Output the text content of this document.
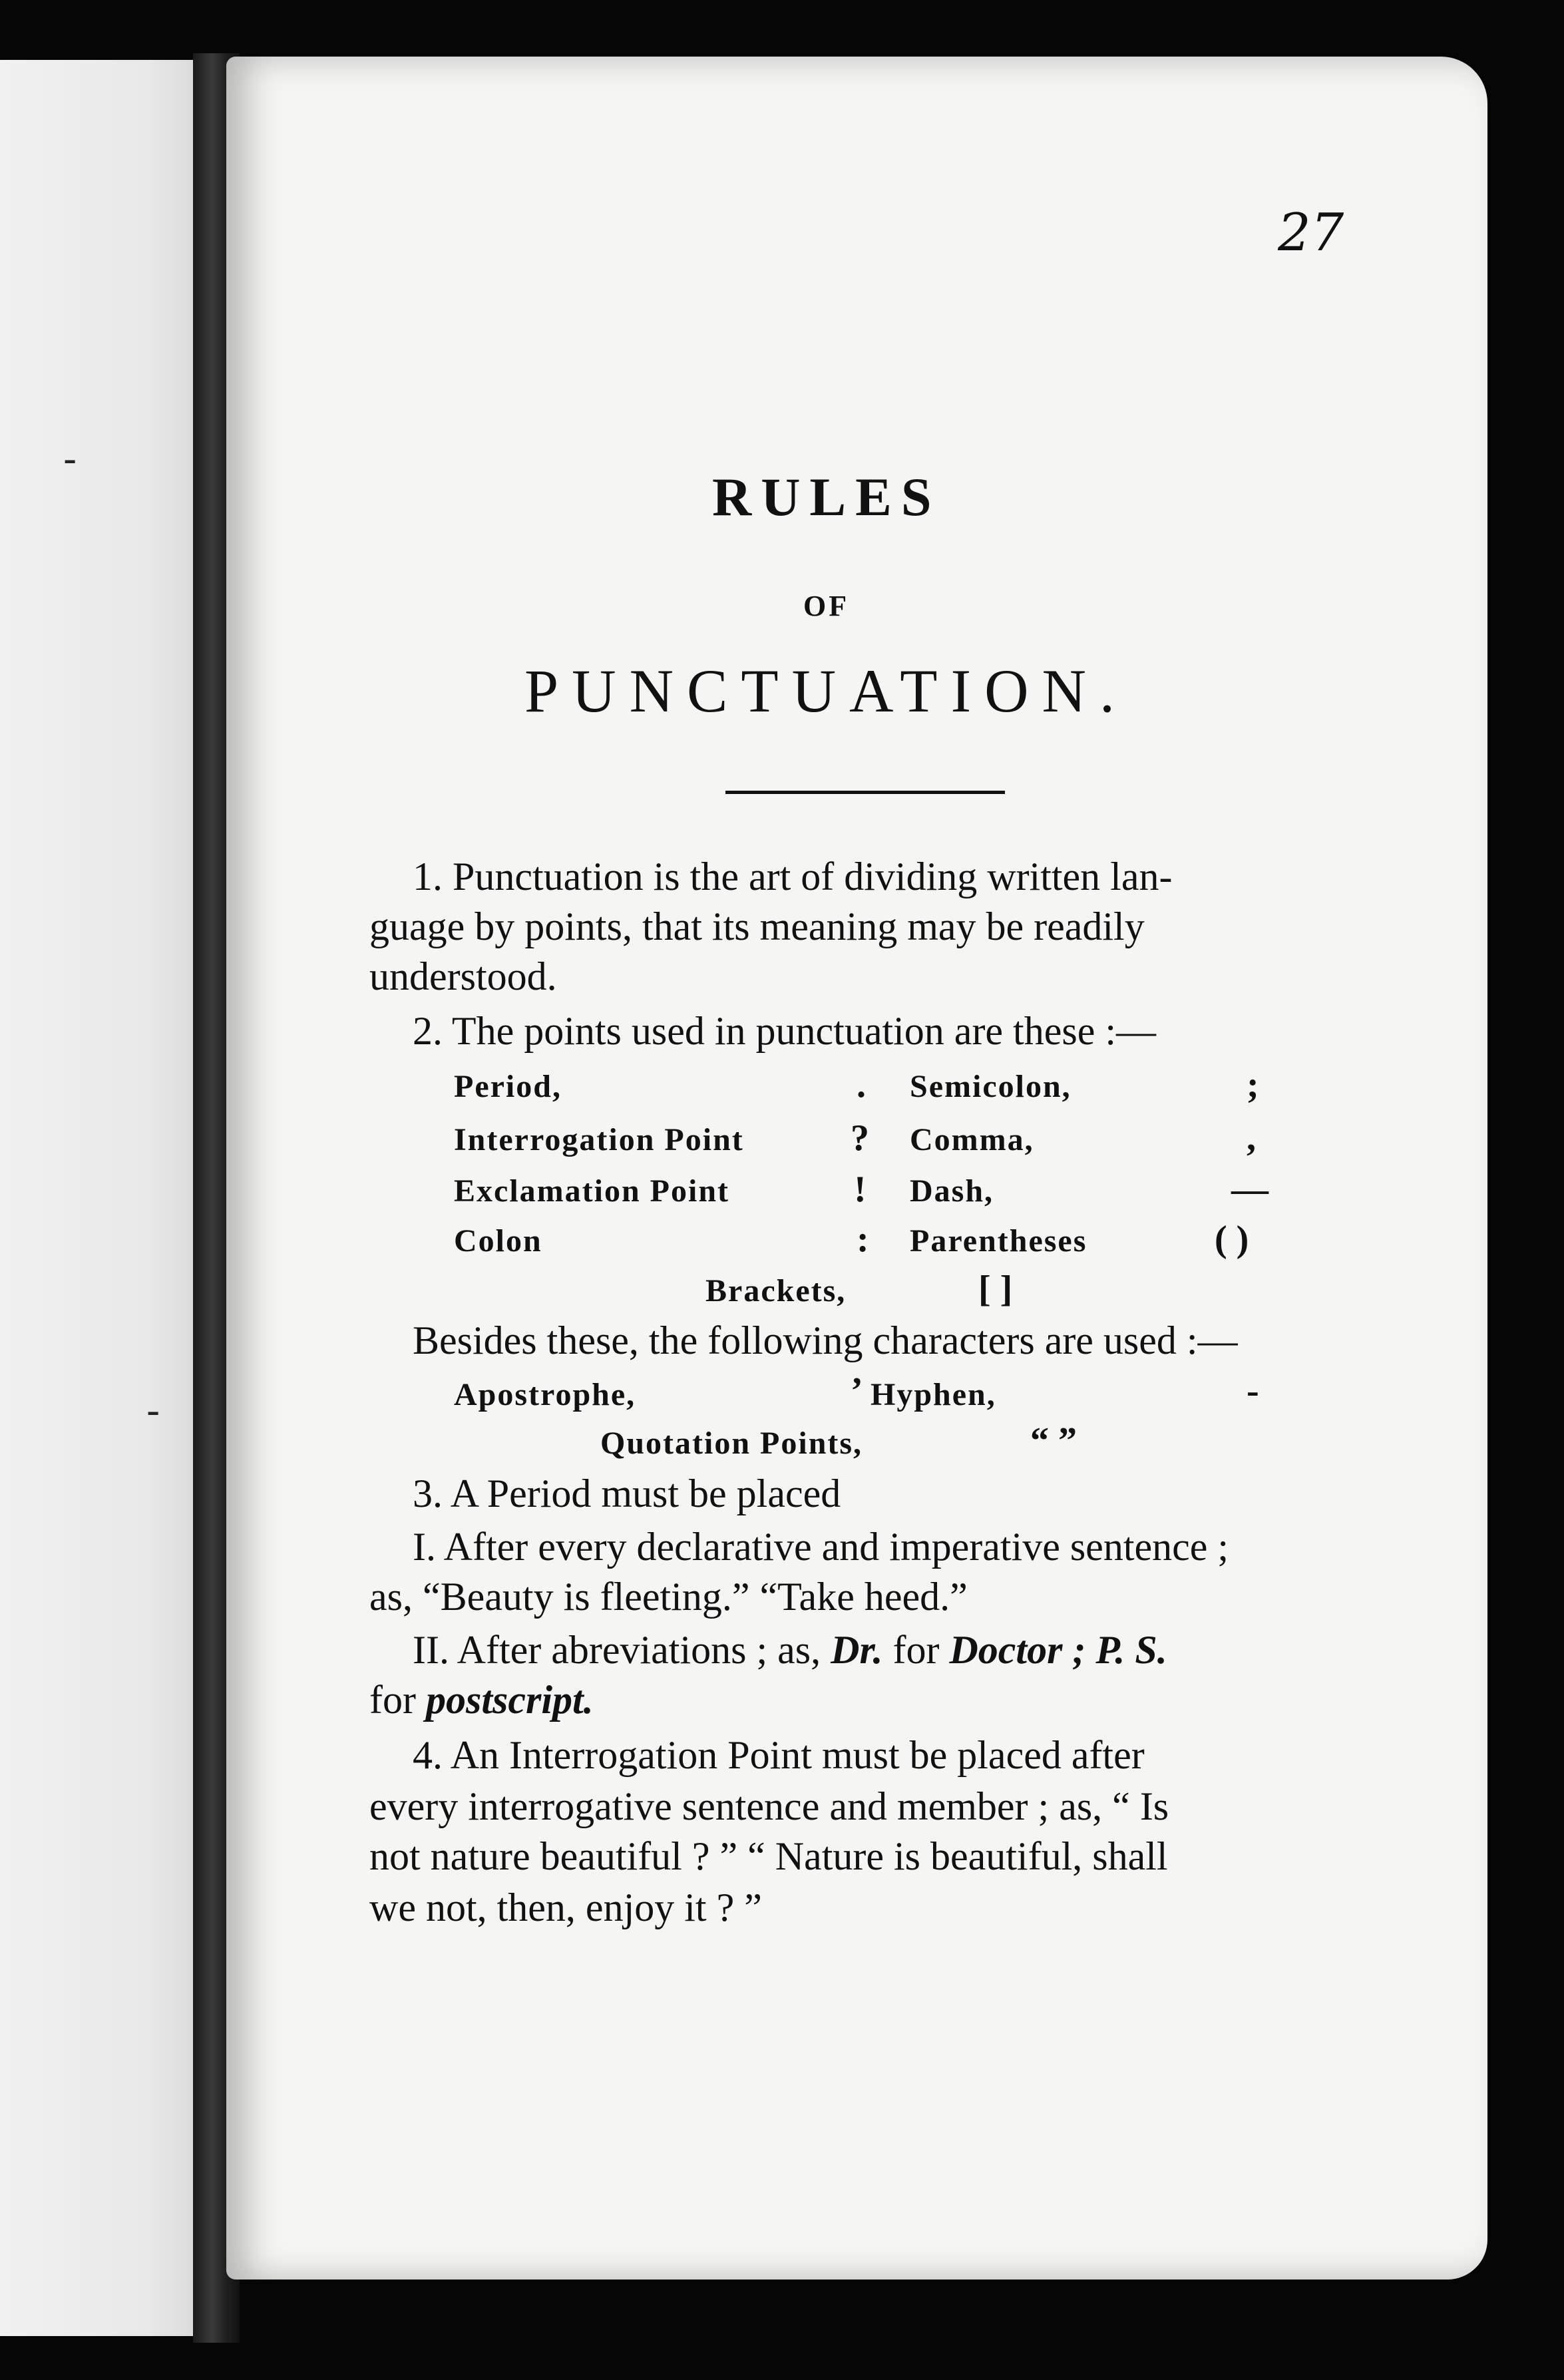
-
-
27
RULES
OF
PUNCTUATION.

1. Punctuation is the art of dividing written lan-

guage by points, that its meaning may be readily

understood.

2. The points used in punctuation are these :—

Period,	. Semicolon,	;

Interrogation Point	? Comma,	,

Exclamation Point	! Dash,	—

Colon	: Parentheses	( )

Brackets,	[ ]

Besides these, the following characters are used :—

Apostrophe,	’ Hyphen,	-

Quotation Points,	“ ”

3. A Period must be placed

I. After every declarative and imperative sentence ;

as, “Beauty is fleeting.” “Take heed.”

II. After abreviations ; as, Dr. for Doctor ; P. S.

for postscript.

4. An Interrogation Point must be placed after

every interrogative sentence and member ; as, “ Is

not nature beautiful ? ” “ Nature is beautiful, shall

we not, then, enjoy it ? ”
